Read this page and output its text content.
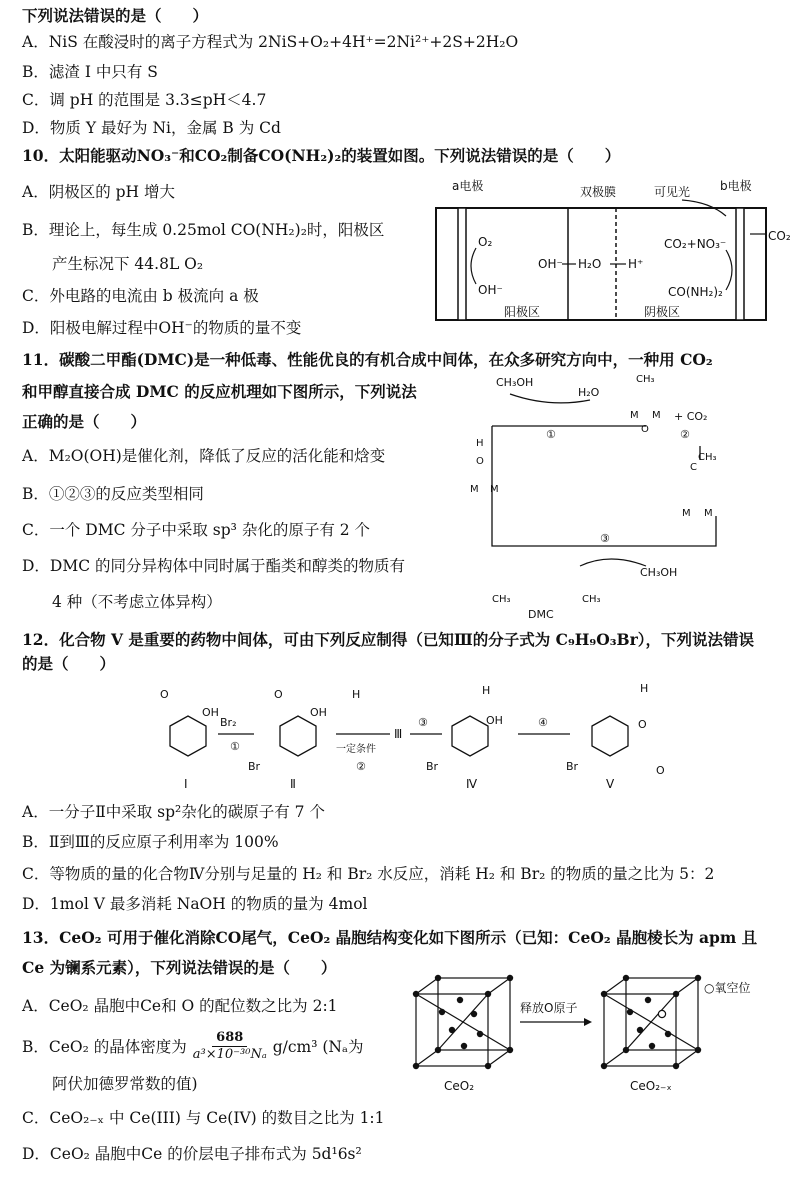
下列说法错误的是（　　）
A．NiS 在酸浸时的离子方程式为 2NiS+O₂+4H⁺=2Ni²⁺+2S+2H₂O
B．滤渣 I 中只有 S
C．调 pH 的范围是 3.3≤pH＜4.7
D．物质 Y 最好为 Ni，金属 B 为 Cd
10．太阳能驱动NO₃⁻和CO₂制备CO(NH₂)₂的装置如图。下列说法错误的是（　　）
A．阴极区的 pH 增大
B．理论上，每生成 0.25mol CO(NH₂)₂时，阳极区
产生标况下 44.8L O₂
C．外电路的电流由 b 极流向 a 极
D．阳极电解过程中OH⁻的物质的量不变
a电极	双极膜	可见光 b电极
CO₂
O₂
OH⁻
OH⁻ H₂O H⁺
CO₂+NO₃⁻
CO(NH₂)₂
阳极区	阴极区
11．碳酸二甲酯(DMC)是一种低毒、性能优良的有机合成中间体，在众多研究方向中，一种用 CO₂
和甲醇直接合成 DMC 的反应机理如下图所示，下列说法
正确的是（　　）
A．M₂O(OH)是催化剂，降低了反应的活化能和焓变
B．①②③的反应类型相同
C．一个 DMC 分子中采取 sp³ 杂化的原子有 2 个
D．DMC 的同分异构体中同时属于酯类和醇类的物质有
4 种（不考虑立体异构）
CH₃OH
H₂O
①
CH₃
M M
O
+ CO₂
②
CH₃
C
M M
H
O
M M
③
CH₃OH
CH₃	CH₃
DMC
12．化合物 V 是重要的药物中间体，可由下列反应制得（已知Ⅲ的分子式为 C₉H₉O₃Br），下列说法错误
的是（　　）
O
OH
Ⅰ
Br₂
①
O
OH
Br
Ⅱ
H
一定条件
②
Ⅲ
③
H
OH
Br
Ⅳ
④
H
O
Br	O
Ⅴ
A．一分子Ⅱ中采取 sp²杂化的碳原子有 7 个
B．Ⅱ到Ⅲ的反应原子利用率为 100%
C．等物质的量的化合物Ⅳ分别与足量的 H₂ 和 Br₂ 水反应，消耗 H₂ 和 Br₂ 的物质的量之比为 5：2
D．1mol V 最多消耗 NaOH 的物质的量为 4mol
13．CeO₂ 可用于催化消除CO尾气，CeO₂ 晶胞结构变化如下图所示（已知：CeO₂ 晶胞棱长为 apm 且
Ce 为镧系元素），下列说法错误的是（　　）
A．CeO₂ 晶胞中Ce和 O 的配位数之比为 2:1
B．CeO₂ 的晶体密度为 $\frac{688}{\text{a³×10⁻³⁰Nₐ}} g/cm^3$ (Nₐ为
阿伏加德罗常数的值)
C．CeO₂₋ₓ 中 Ce(III) 与 Ce(IV) 的数目之比为 1:1
D．CeO₂ 晶胞中Ce 的价层电子排布式为 5d¹6s²
CeO₂
释放O原子
CeO₂₋ₓ
○氧空位
